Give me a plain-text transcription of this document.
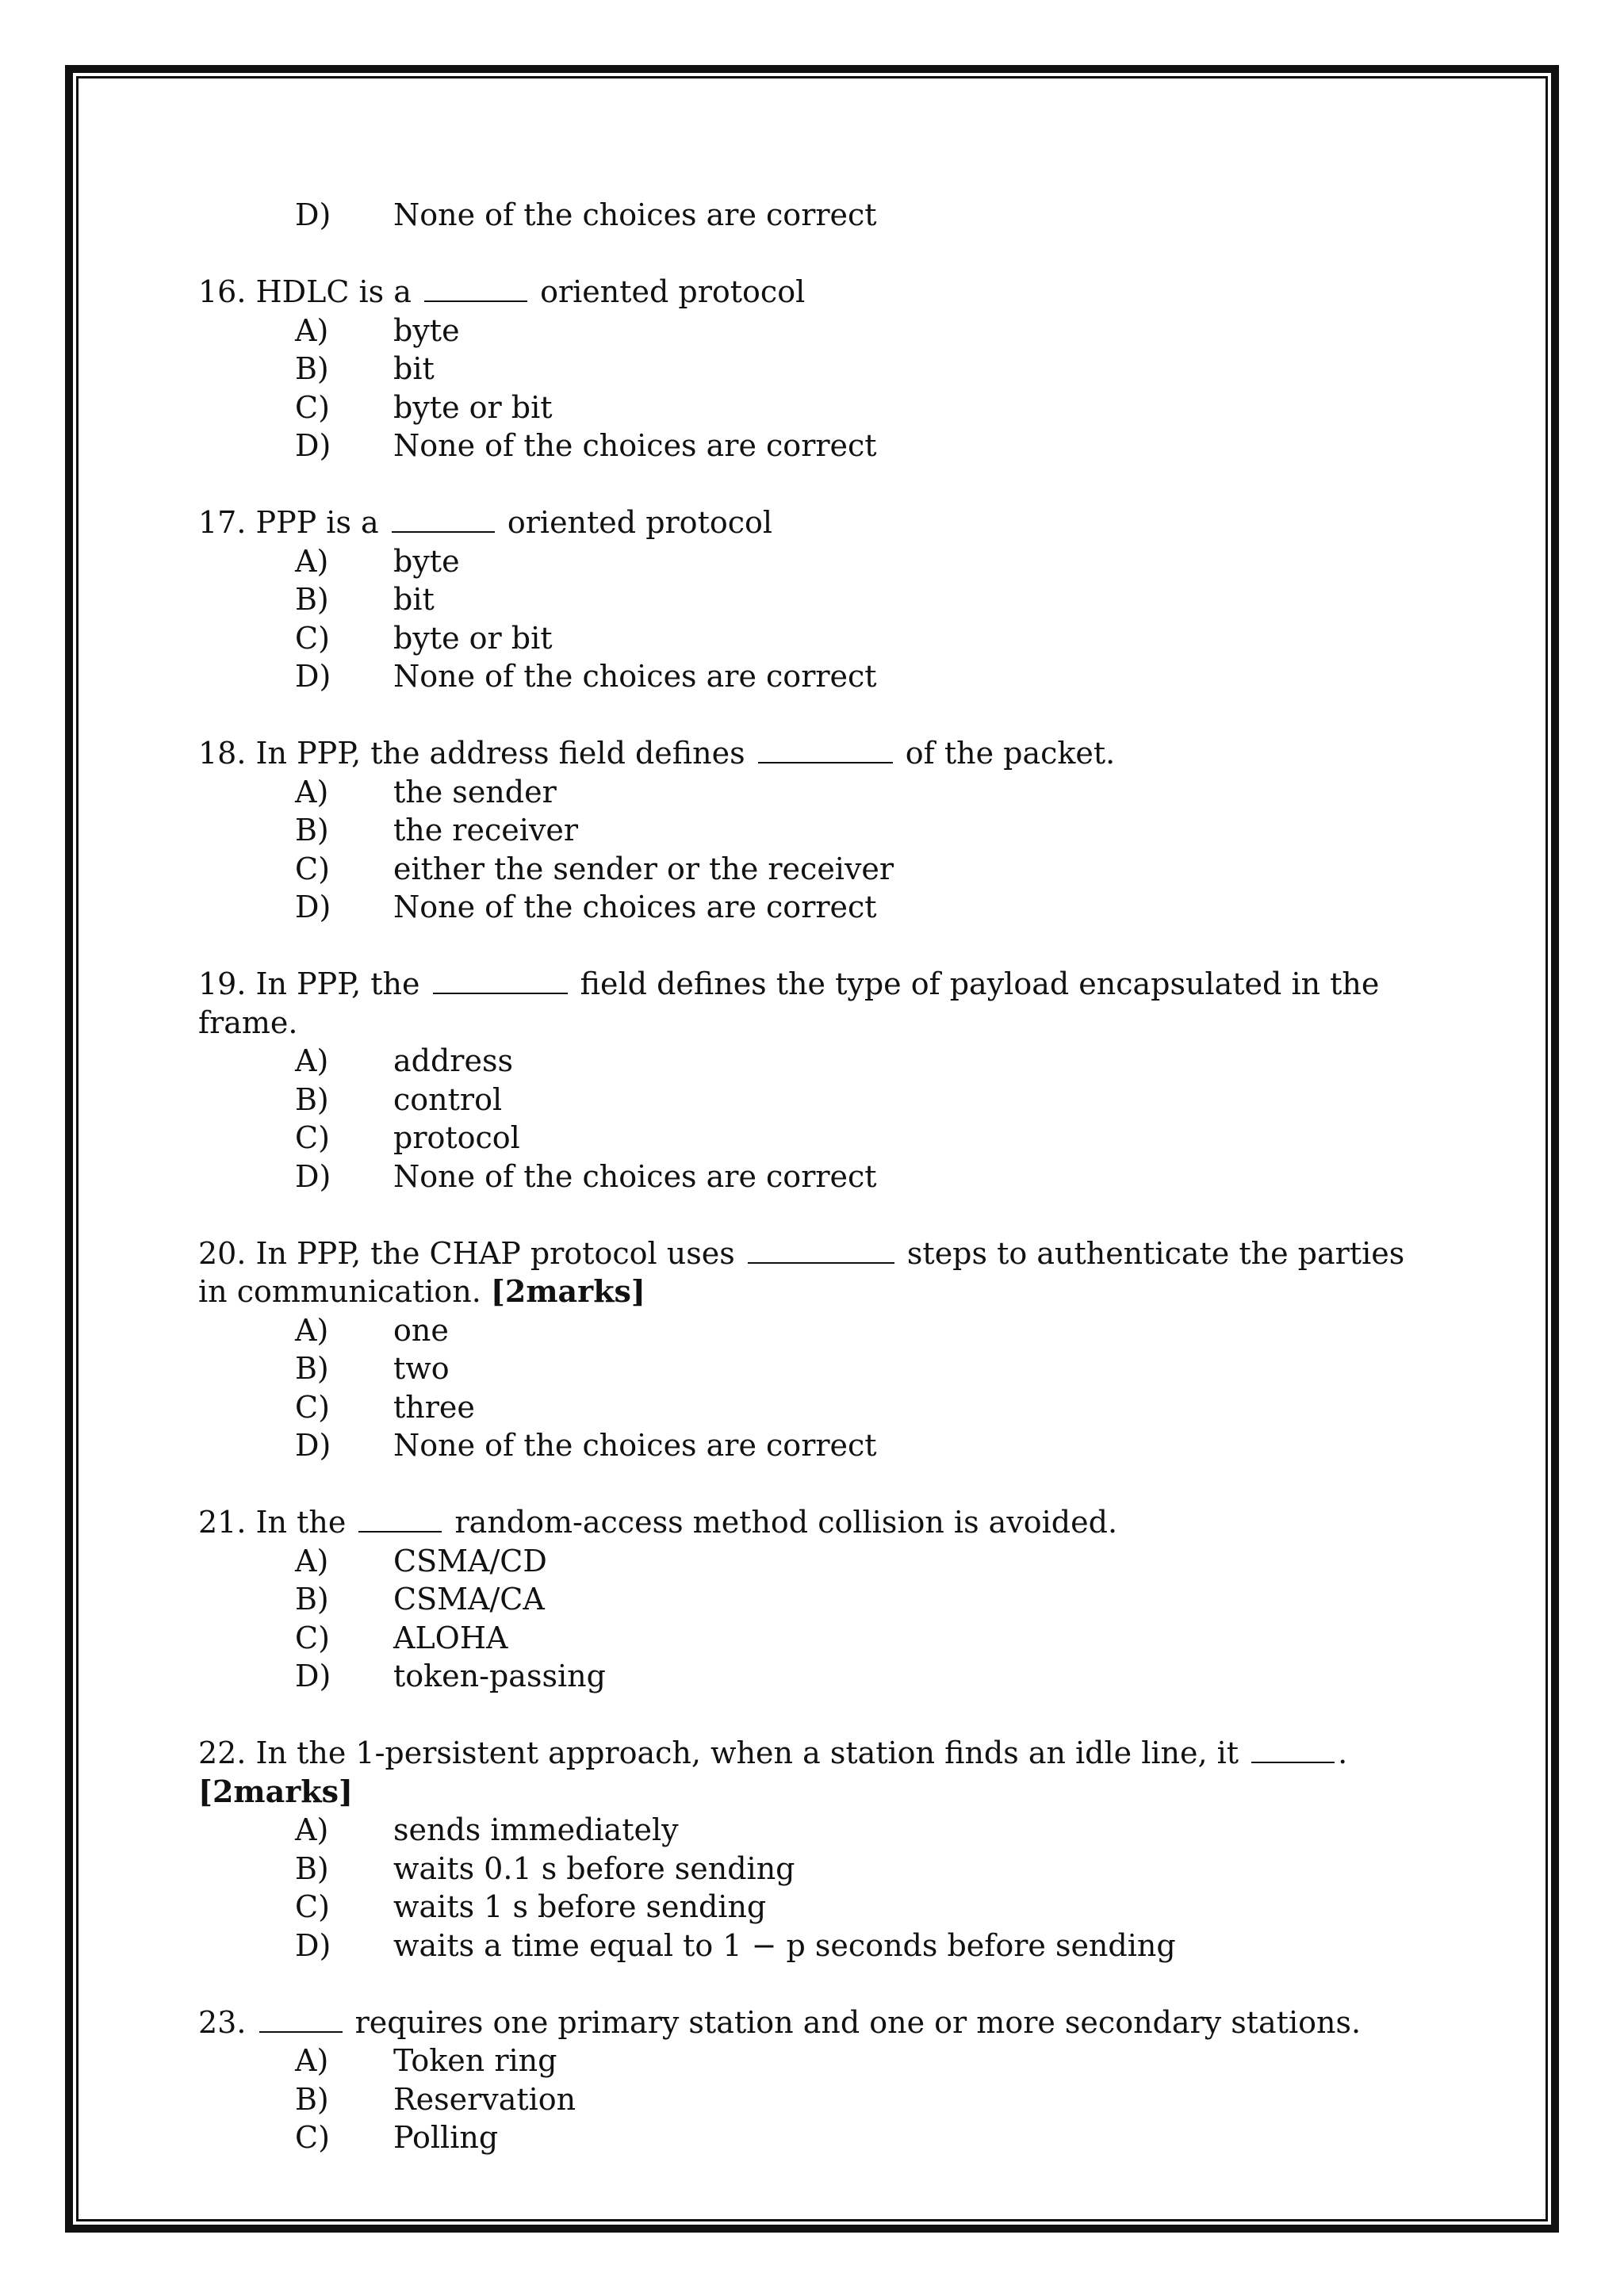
D)	None of the choices are correct
16. HDLC is a	oriented protocol
A)	byte
B)	bit
C)	byte or bit
D)	None of the choices are correct
17. PPP is a	oriented protocol
A)	byte
B)	bit
C)	byte or bit
D)	None of the choices are correct
18. In PPP, the address field defines	of the packet.
A)	the sender
B)	the receiver
C)	either the sender or the receiver
D)	None of the choices are correct
19. In PPP, the	field defines the type of payload encapsulated in the frame.
A)	address
B)	control
C)	protocol
D)	None of the choices are correct
20. In PPP, the CHAP protocol uses	steps to authenticate the parties in communication. [2marks]
A)	one
B)	two
C)	three
D)	None of the choices are correct
21. In the	random-access method collision is avoided.
A)	CSMA/CD
B)	CSMA/CA
C)	ALOHA
D)	token-passing
22. In the 1-persistent approach, when a station finds an idle line, it	. [2marks]
A)	sends immediately
B)	waits 0.1 s before sending
C)	waits 1 s before sending
D)	waits a time equal to 1 − p seconds before sending
23.	requires one primary station and one or more secondary stations.
A)	Token ring
B)	Reservation
C)	Polling
